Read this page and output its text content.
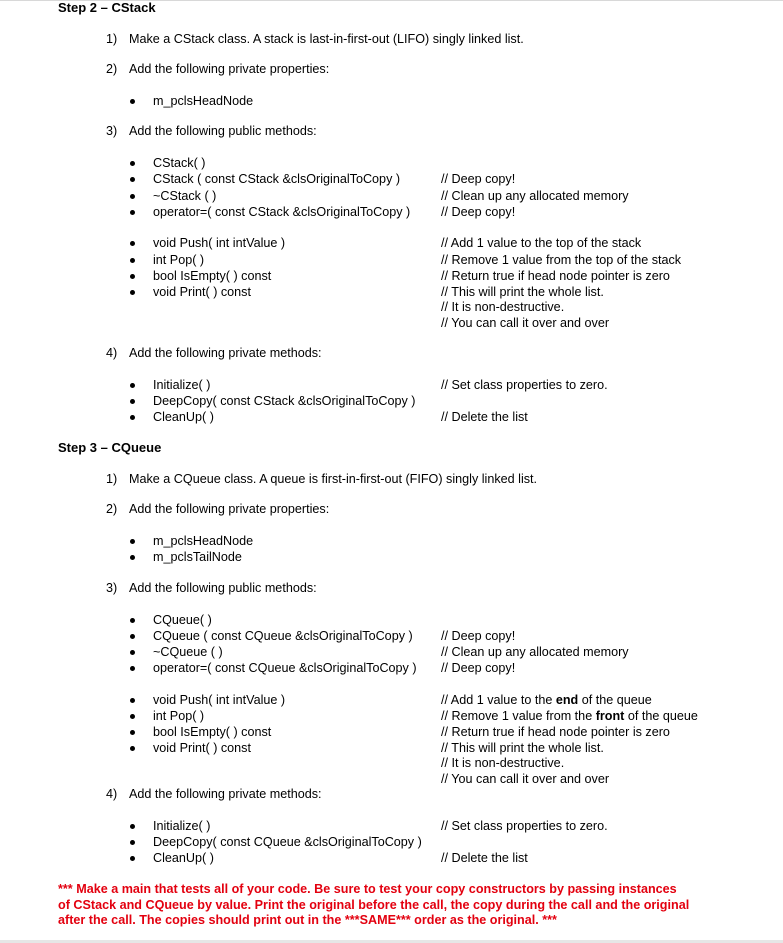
Step 2 – CStack
1) Make a CStack class. A stack is last-in-first-out (LIFO) singly linked list.
2) Add the following private properties:
m_pclsHeadNode
3) Add the following public methods:
CStack( )
CStack ( const CStack &clsOriginalToCopy )	// Deep copy!
~CStack ( )	// Clean up any allocated memory
operator=( const CStack &clsOriginalToCopy ) // Deep copy!
void Push( int intValue )	// Add 1 value to the top of the stack
int Pop( )	// Remove 1 value from the top of the stack
bool IsEmpty( ) const	// Return true if head node pointer is zero
void Print( ) const	// This will print the whole list.
// It is non-destructive.
// You can call it over and over
4) Add the following private methods:
Initialize( )	// Set class properties to zero.
DeepCopy( const CStack &clsOriginalToCopy )
CleanUp( )	// Delete the list
Step 3 – CQueue
1) Make a CQueue class. A queue is first-in-first-out (FIFO) singly linked list.
2) Add the following private properties:
m_pclsHeadNode
m_pclsTailNode
3) Add the following public methods:
CQueue( )
CQueue ( const CQueue &clsOriginalToCopy ) // Deep copy!
~CQueue ( )	// Clean up any allocated memory
operator=( const CQueue &clsOriginalToCopy ) // Deep copy!
void Push( int intValue )	// Add 1 value to the end of the queue
int Pop( )	// Remove 1 value from the front of the queue
bool IsEmpty( ) const	// Return true if head node pointer is zero
void Print( ) const	// This will print the whole list.
// It is non-destructive.
// You can call it over and over
4) Add the following private methods:
Initialize( )	// Set class properties to zero.
DeepCopy( const CQueue &clsOriginalToCopy )
CleanUp( )	// Delete the list
*** Make a main that tests all of your code. Be sure to test your copy constructors by passing instances
of CStack and CQueue by value. Print the original before the call, the copy during the call and the original
after the call. The copies should print out in the ***SAME*** order as the original. ***
